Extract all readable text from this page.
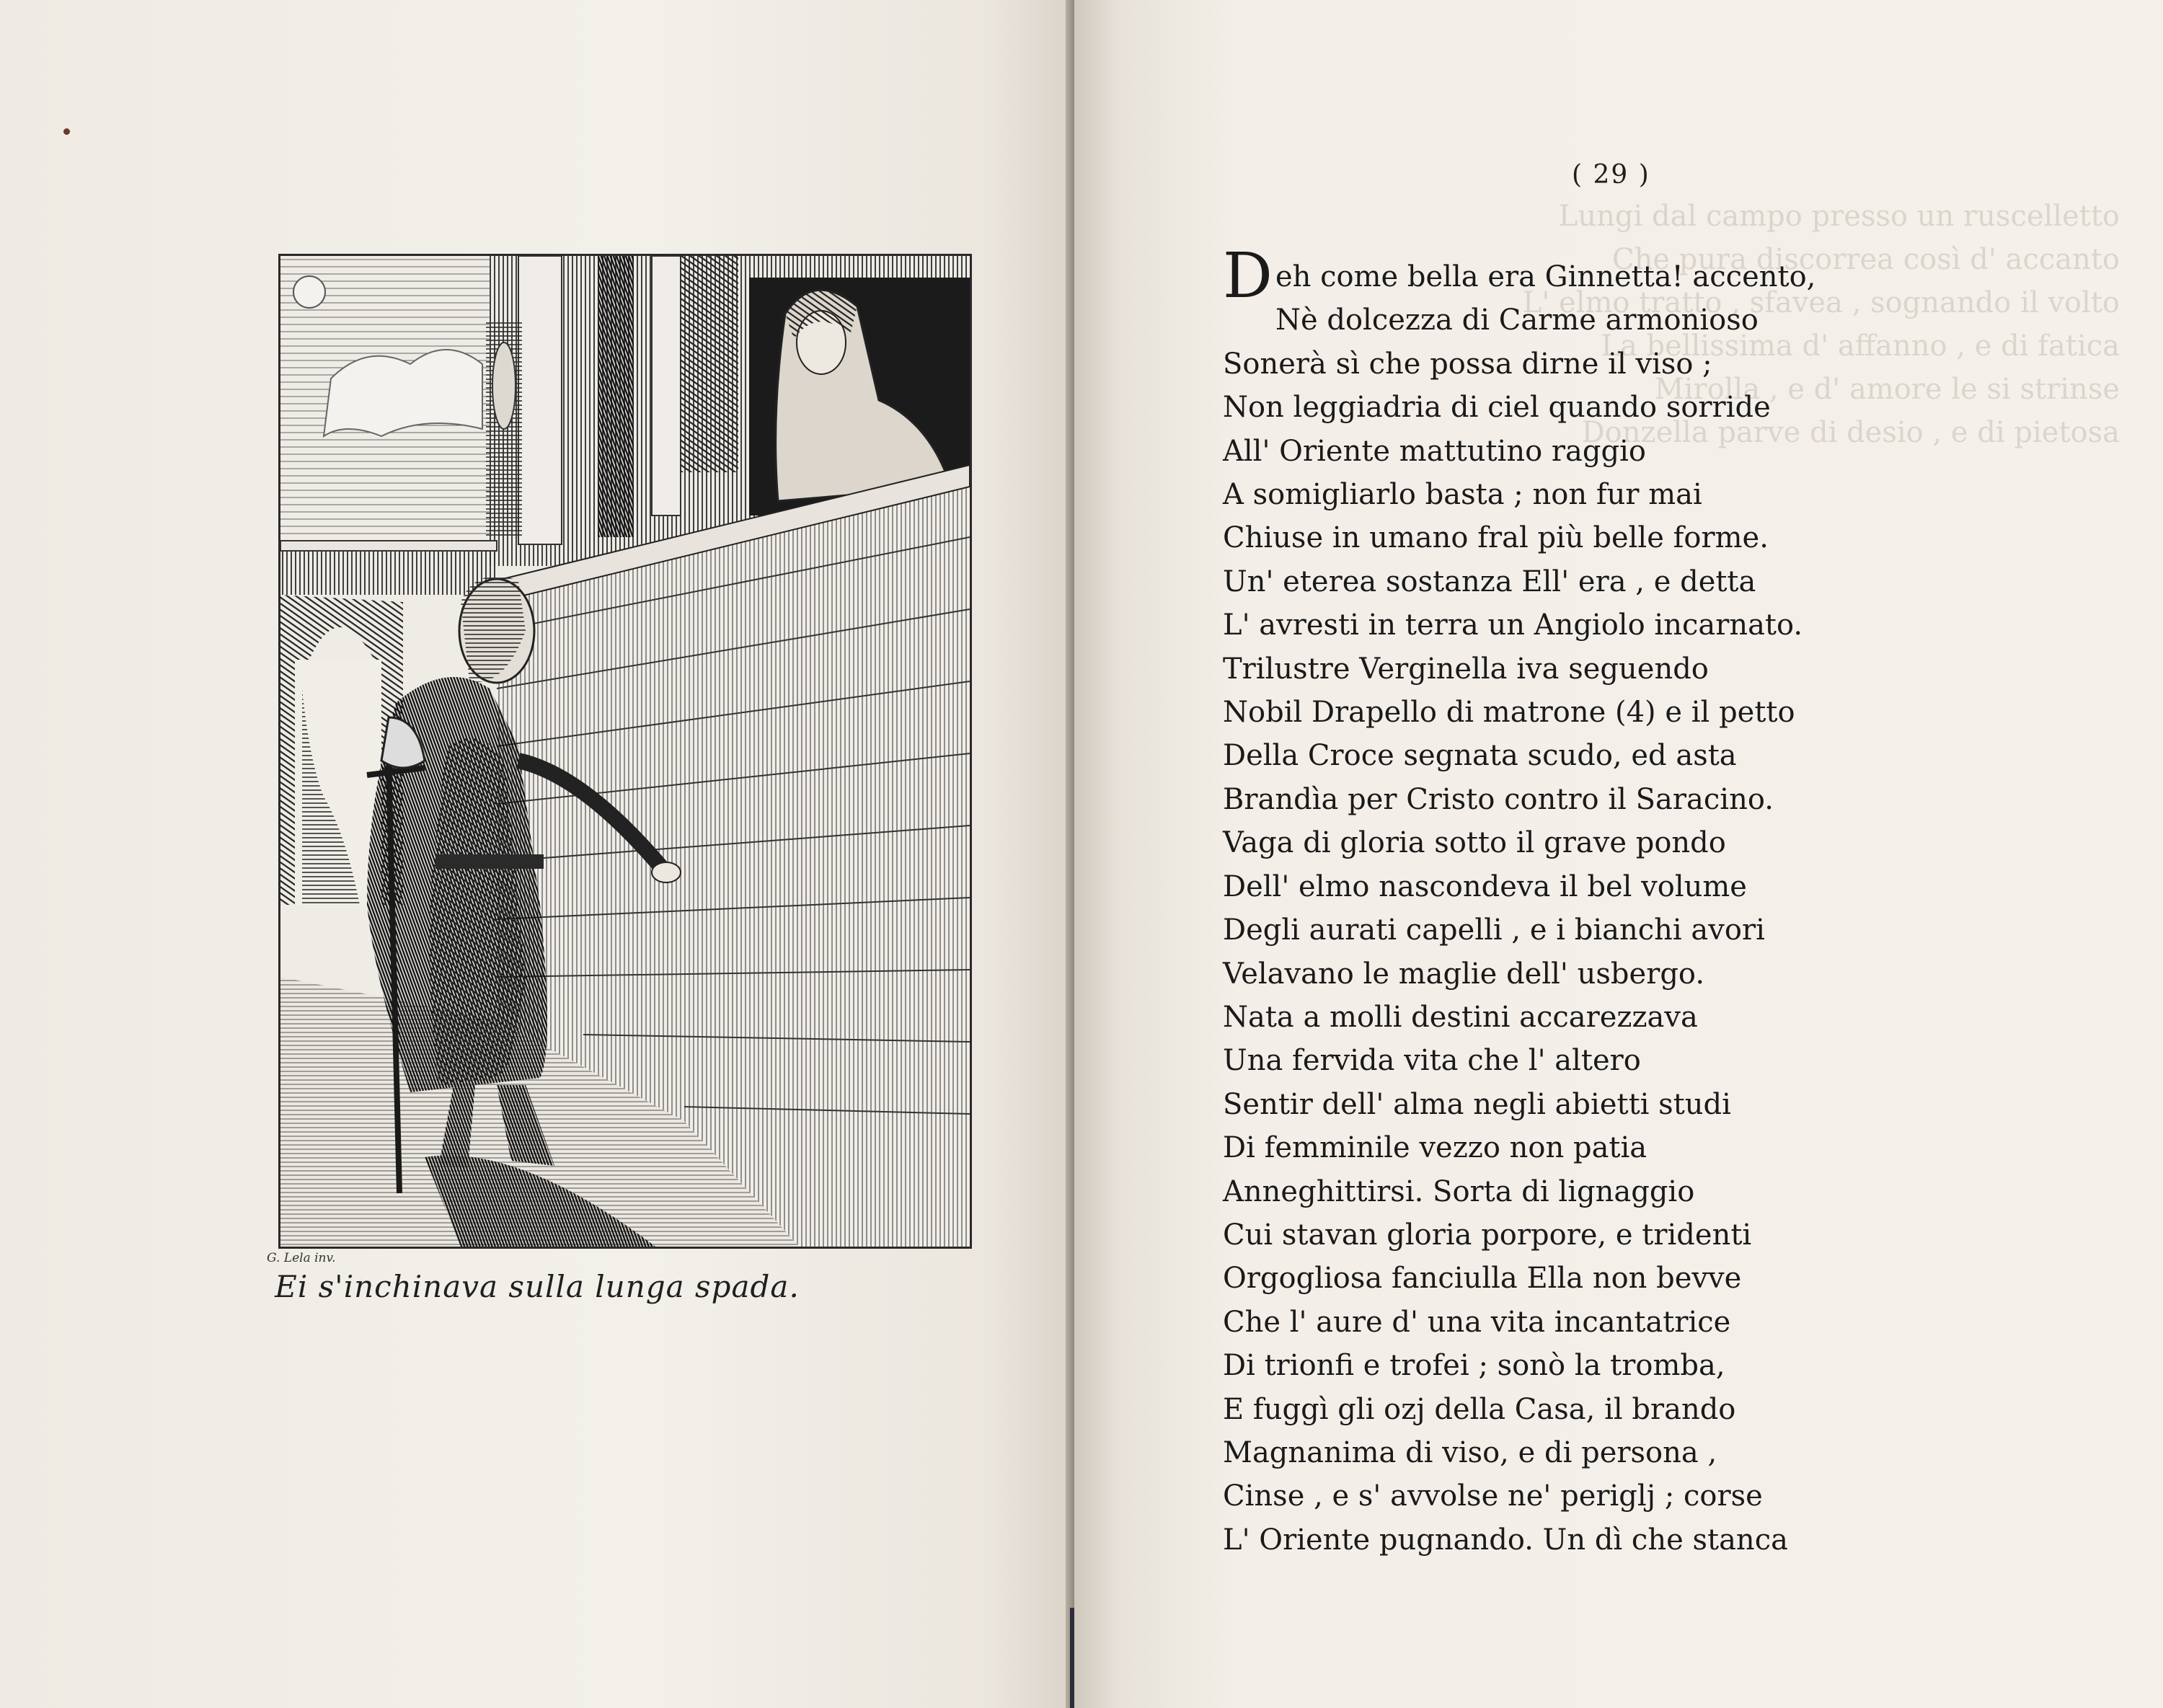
G. Lela inv.
Ei s'inchinava sulla lunga spada.
Lungi dal campo presso un ruscelletto
Che pura discorrea così d' accanto
L' elmo tratto , sfavea , sognando il volto
La bellissima d' affanno , e di fatica
Mirolla , e d' amore le si strinse
Donzella parve di desio , e di pietosa
( 29 )
Deh come bella era Ginnetta! accento,
Nè dolcezza di Carme armonioso
Sonerà sì che possa dirne il viso ;
Non leggiadria di ciel quando sorride
All' Oriente mattutino raggio
A somigliarlo basta ; non fur mai
Chiuse in umano fral più belle forme.
Un' eterea sostanza Ell' era , e detta
L' avresti in terra un Angiolo incarnato.
Trilustre Verginella iva seguendo
Nobil Drapello di matrone (4) e il petto
Della Croce segnata scudo, ed asta
Brandìa per Cristo contro il Saracino.
Vaga di gloria sotto il grave pondo
Dell' elmo nascondeva il bel volume
Degli aurati capelli , e i bianchi avori
Velavano le maglie dell' usbergo.
Nata a molli destini accarezzava
Una fervida vita che l' altero
Sentir dell' alma negli abietti studi
Di femminile vezzo non patia
Anneghittirsi. Sorta di lignaggio
Cui stavan gloria porpore, e tridenti
Orgogliosa fanciulla Ella non bevve
Che l' aure d' una vita incantatrice
Di trionfi e trofei ; sonò la tromba,
E fuggì gli ozj della Casa, il brando
Magnanima di viso, e di persona ,
Cinse , e s' avvolse ne' periglj ; corse
L' Oriente pugnando. Un dì che stanca
